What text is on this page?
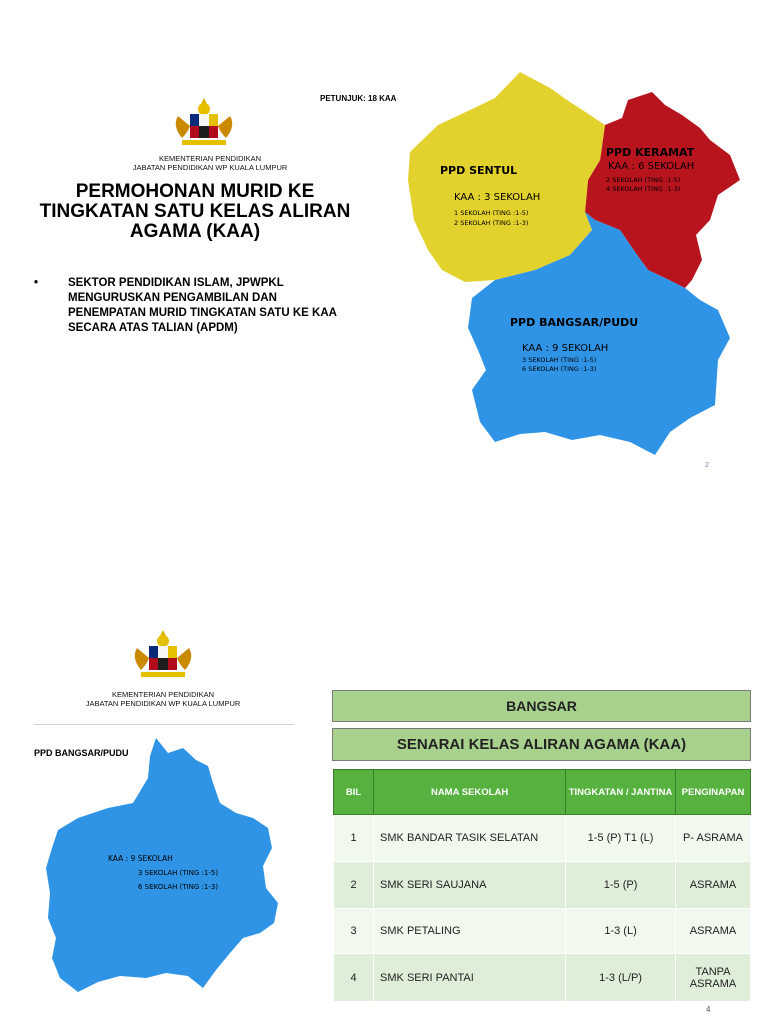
KEMENTERIAN PENDIDIKAN
JABATAN PENDIDIKAN WP KUALA LUMPUR
PERMOHONAN MURID KE
TINGKATAN SATU KELAS ALIRAN
AGAMA (KAA)
•	SEKTOR PENDIDIKAN ISLAM, JPWPKL
MENGURUSKAN PENGAMBILAN DAN
PENEMPATAN MURID TINGKATAN SATU KE KAA
SECARA ATAS TALIAN (APDM)
PETUNJUK: 18 KAA
PPD SENTUL
KAA : 3 SEKOLAH
1 SEKOLAH (TING :1-5)
2 SEKOLAH (TING :1-3)
PPD KERAMAT
KAA : 6 SEKOLAH
2 SEKOLAH (TING :1-5)
4 SEKOLAH (TING :1-3)
PPD BANGSAR/PUDU
KAA : 9 SEKOLAH
3 SEKOLAH (TING :1-5)
6 SEKOLAH (TING :1-3)
2
KEMENTERIAN PENDIDIKAN
JABATAN PENDIDIKAN WP KUALA LUMPUR
PPD BANGSAR/PUDU
KAA : 9 SEKOLAH
3 SEKOLAH (TING :1-5)
6 SEKOLAH (TING :1-3)
BANGSAR
SENARAI KELAS ALIRAN AGAMA (KAA)
BIL	NAMA SEKOLAH	TINGKATAN / JANTINA	PENGINAPAN
1	SMK BANDAR TASIK SELATAN	1-5 (P) T1 (L)	P- ASRAMA
2	SMK SERI SAUJANA	1-5 (P)	ASRAMA
3	SMK PETALING	1-3 (L)	ASRAMA
4	SMK SERI PANTAI	1-3 (L/P)	TANPA ASRAMA
4
